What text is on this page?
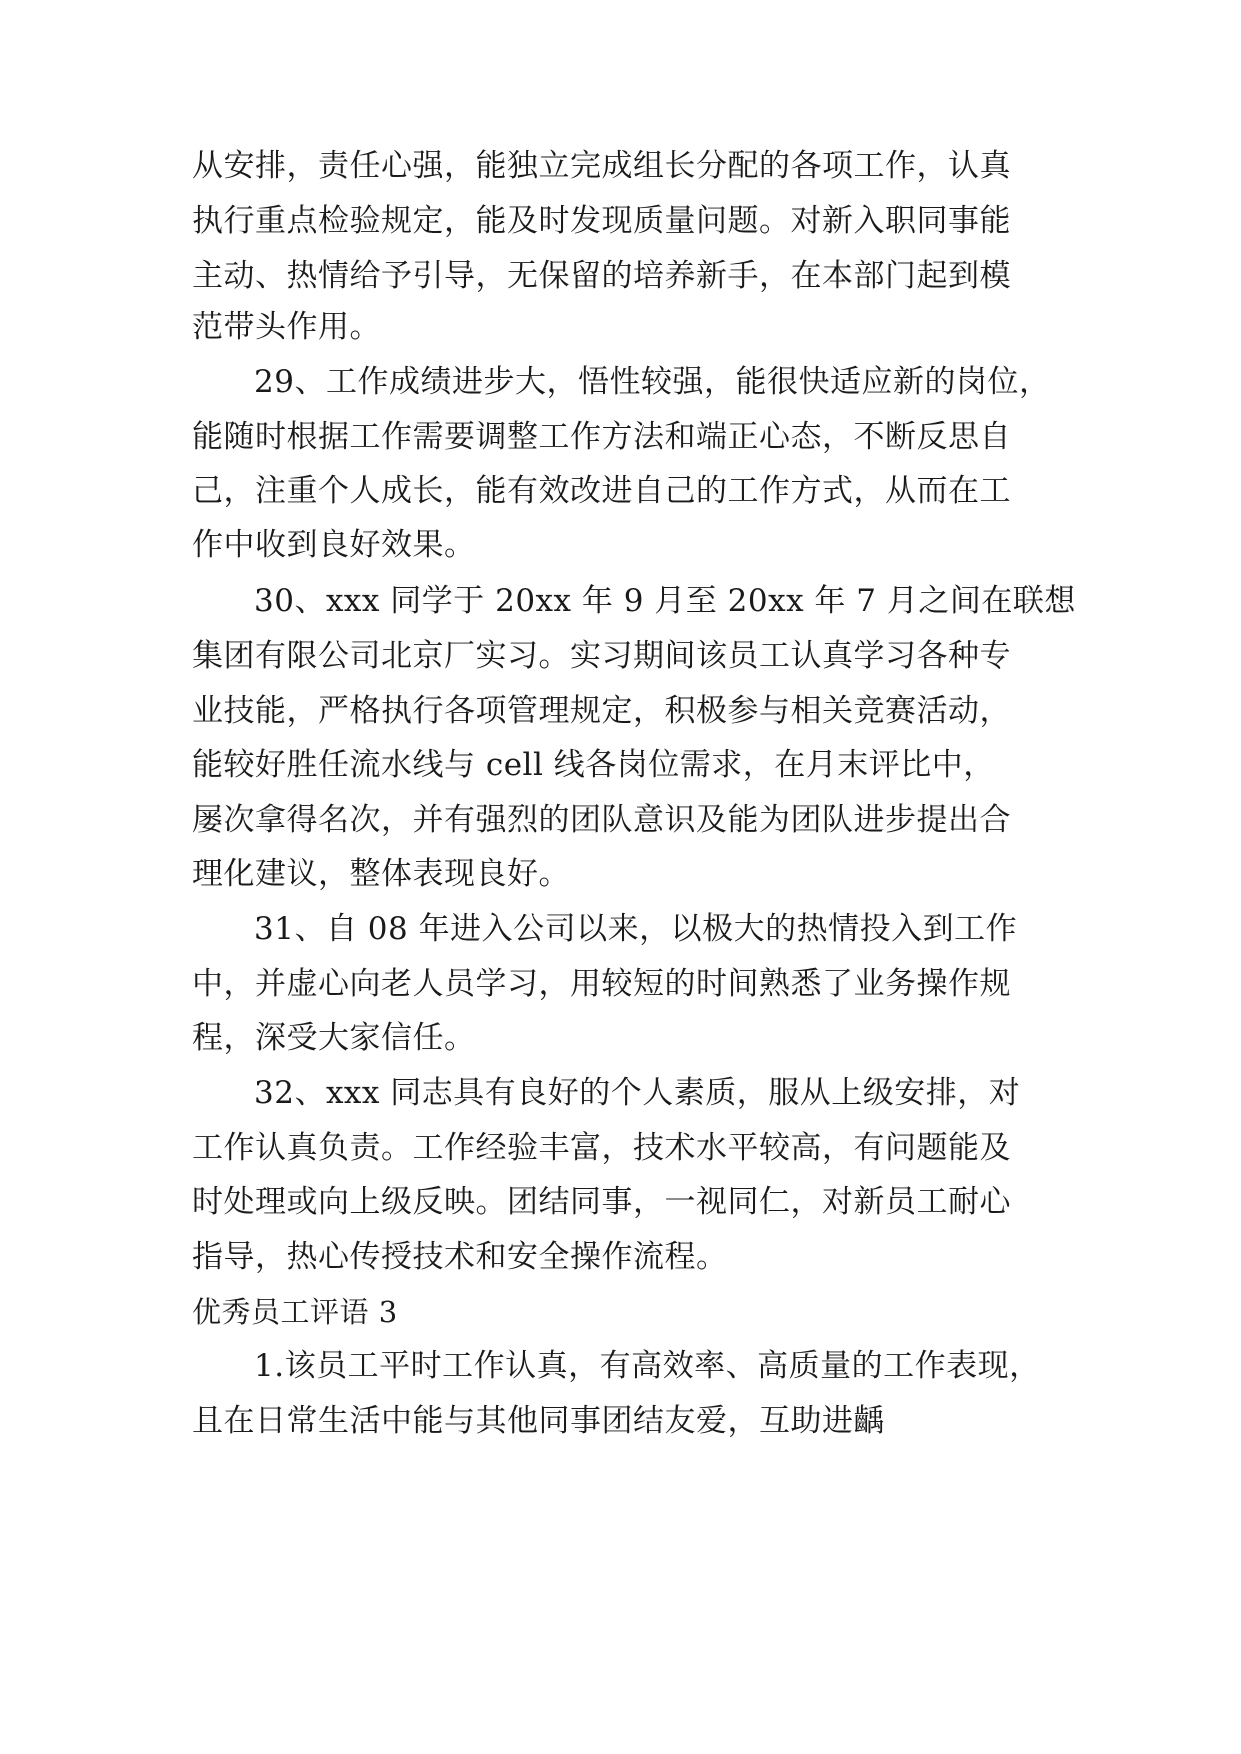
从安排，责任心强，能独立完成组长分配的各项工作，认真
执行重点检验规定，能及时发现质量问题。对新入职同事能
主动、热情给予引导，无保留的培养新手，在本部门起到模
范带头作用。
29、工作成绩进步大，悟性较强，能很快适应新的岗位，
能随时根据工作需要调整工作方法和端正心态，不断反思自
己，注重个人成长，能有效改进自己的工作方式，从而在工
作中收到良好效果。
30、xxx 同学于 20xx 年 9 月至 20xx 年 7 月之间在联想
集团有限公司北京厂实习。实习期间该员工认真学习各种专
业技能，严格执行各项管理规定，积极参与相关竞赛活动，
能较好胜任流水线与 cell 线各岗位需求，在月末评比中，
屡次拿得名次，并有强烈的团队意识及能为团队进步提出合
理化建议，整体表现良好。
31、自 08 年进入公司以来，以极大的热情投入到工作
中，并虚心向老人员学习，用较短的时间熟悉了业务操作规
程，深受大家信任。
32、xxx 同志具有良好的个人素质，服从上级安排，对
工作认真负责。工作经验丰富，技术水平较高，有问题能及
时处理或向上级反映。团结同事，一视同仁，对新员工耐心
指导，热心传授技术和安全操作流程。
优秀员工评语 3
1.该员工平时工作认真，有高效率、高质量的工作表现，
且在日常生活中能与其他同事团结友爱，互助进齲
